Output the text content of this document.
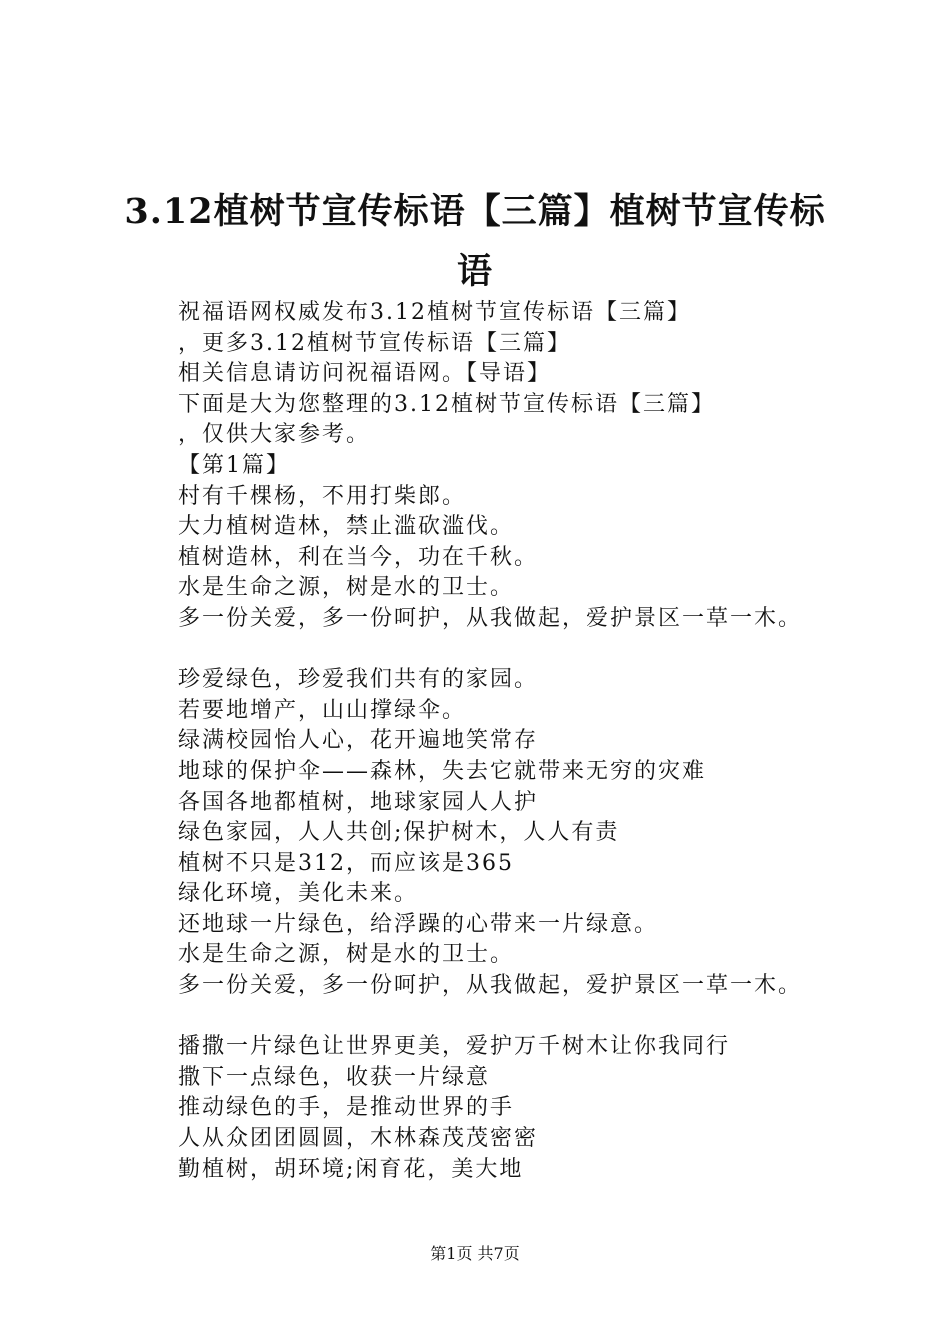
3.12植树节宣传标语【三篇】植树节宣传标语
祝福语网权威发布3.12植树节宣传标语【三篇】
，更多3.12植树节宣传标语【三篇】
相关信息请访问祝福语网。【导语】
下面是大为您整理的3.12植树节宣传标语【三篇】
，仅供大家参考。
【第1篇】
村有千棵杨，不用打柴郎。
大力植树造林，禁止滥砍滥伐。
植树造林，利在当今，功在千秋。
水是生命之源，树是水的卫士。
多一份关爱，多一份呵护，从我做起，爱护景区一草一木。
珍爱绿色，珍爱我们共有的家园。
若要地增产，山山撑绿伞。
绿满校园怡人心，花开遍地笑常存
地球的保护伞——森林，失去它就带来无穷的灾难
各国各地都植树，地球家园人人护
绿色家园，人人共创;保护树木，人人有责
植树不只是312，而应该是365
绿化环境，美化未来。
还地球一片绿色，给浮躁的心带来一片绿意。
水是生命之源，树是水的卫士。
多一份关爱，多一份呵护，从我做起，爱护景区一草一木。
播撒一片绿色让世界更美，爱护万千树木让你我同行
撒下一点绿色，收获一片绿意
推动绿色的手，是推动世界的手
人从众团团圆圆，木林森茂茂密密
勤植树，胡环境;闲育花，美大地
第1页 共7页
